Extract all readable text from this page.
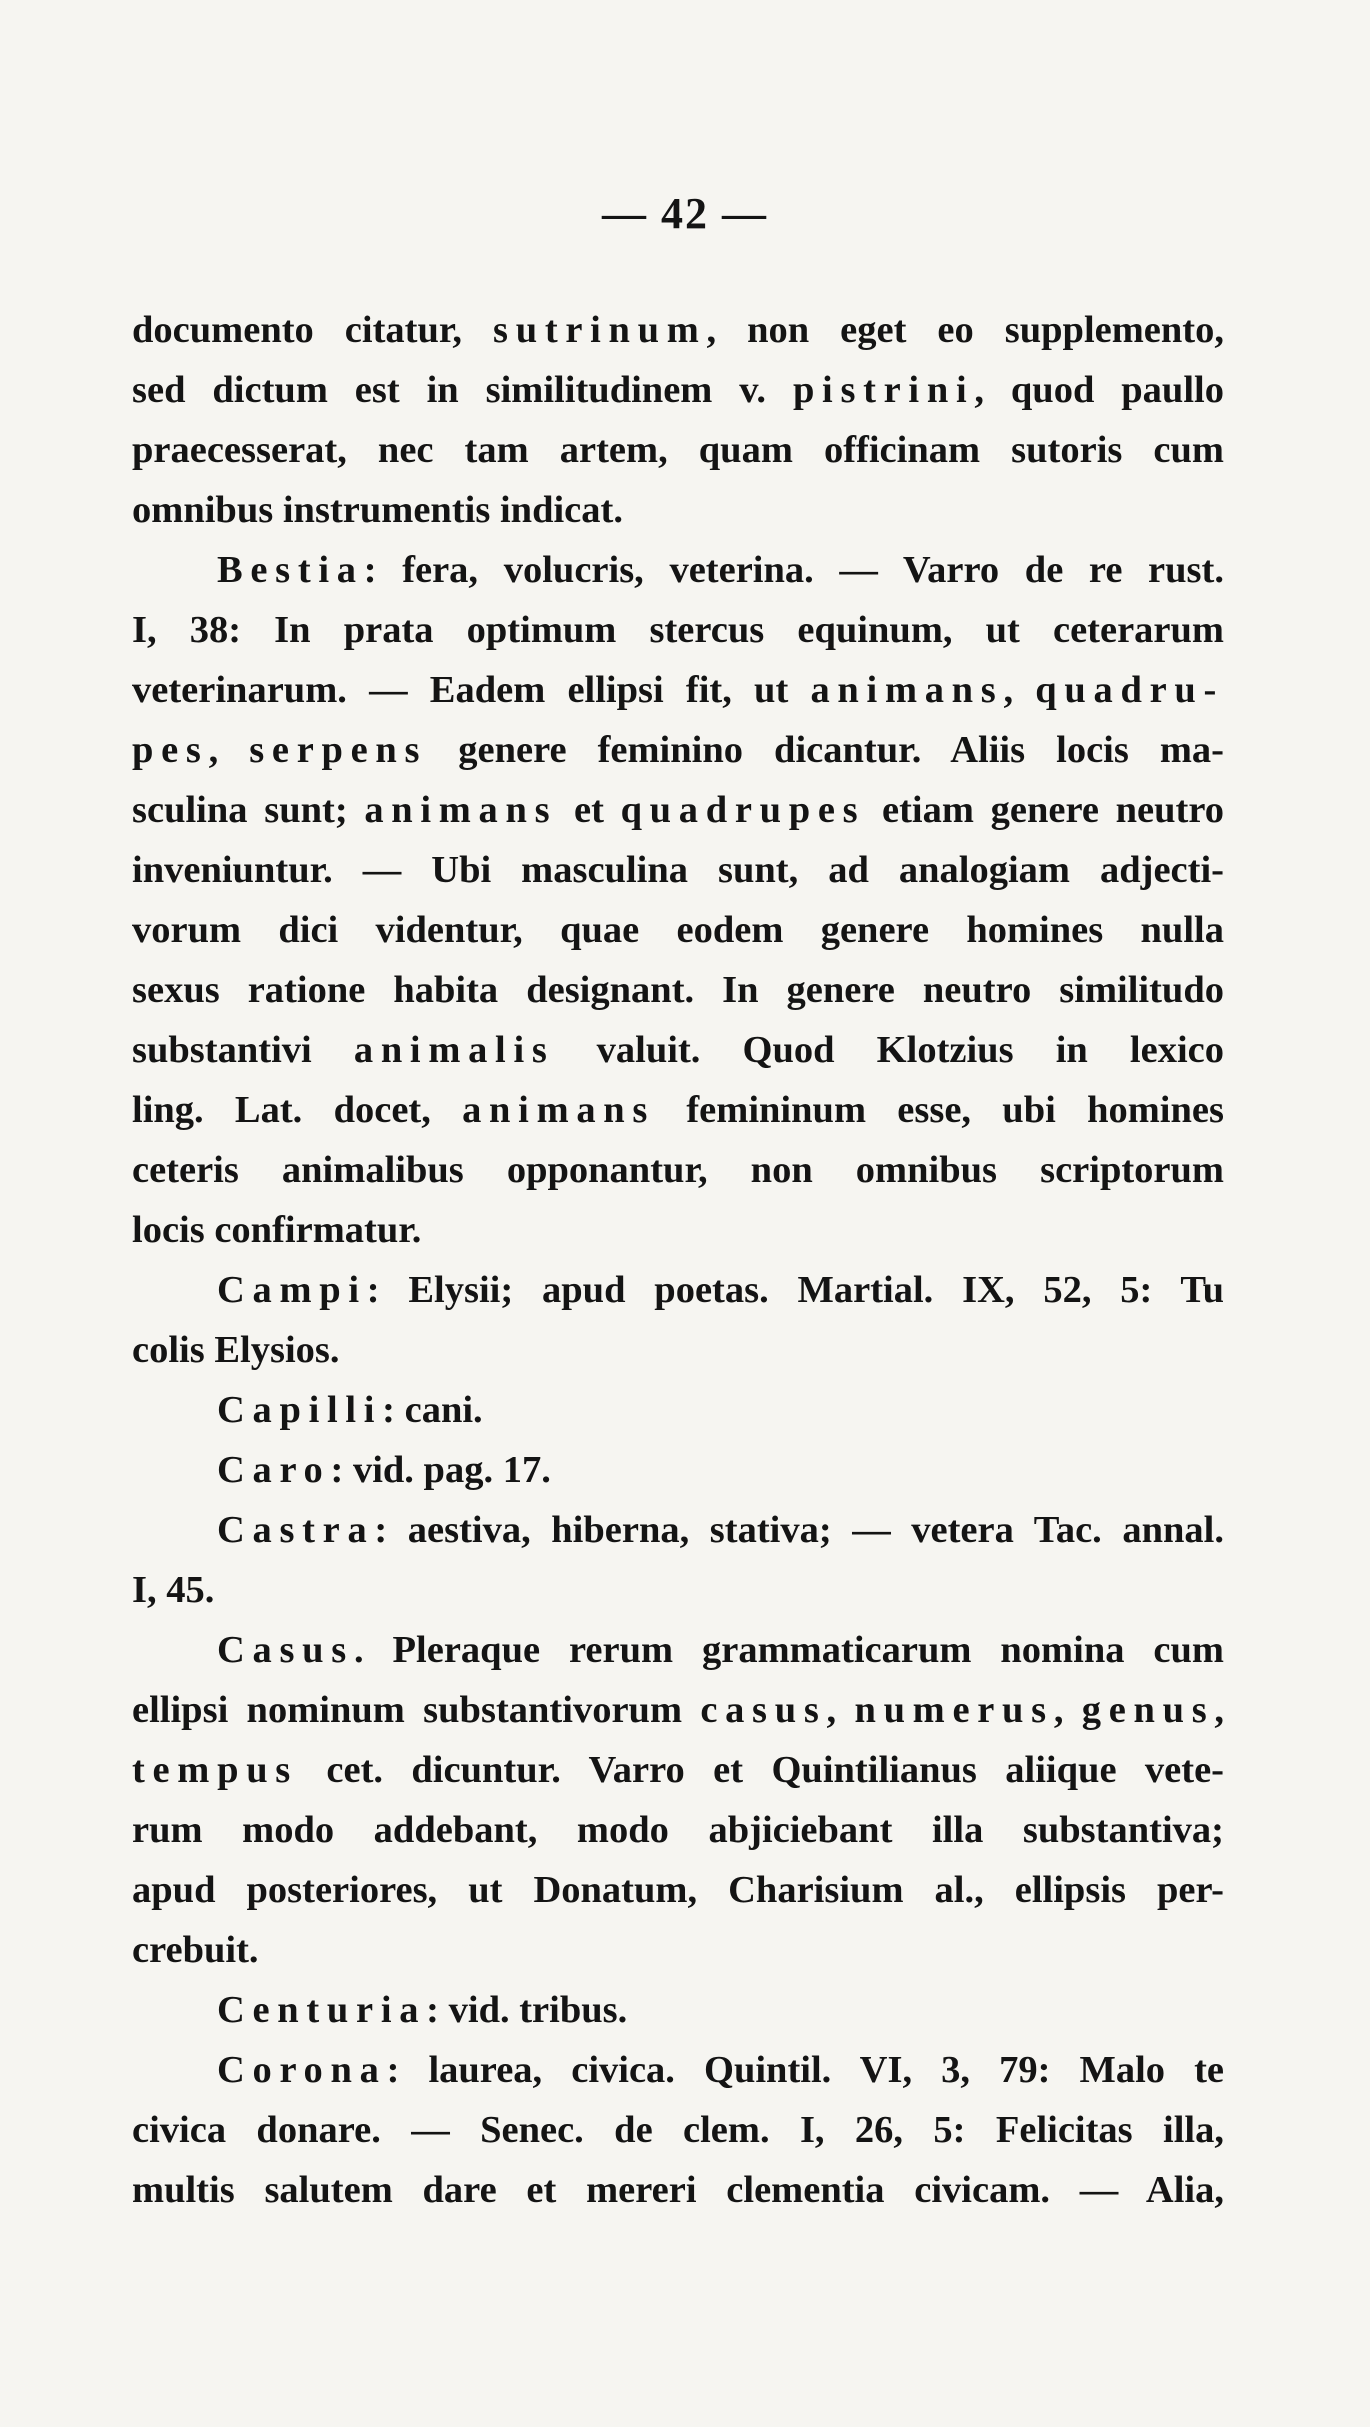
— 42 —
documento citatur, sutrinum, non eget eo supplemento,
sed dictum est in similitudinem v. pistrini, quod paullo
praecesserat, nec tam artem, quam officinam sutoris cum
omnibus instrumentis indicat.
Bestia: fera, volucris, veterina. — Varro de re rust.
I, 38: In prata optimum stercus equinum, ut ceterarum
veterinarum. — Eadem ellipsi fit, ut animans, quadru-
pes, serpens genere feminino dicantur. Aliis locis ma-
sculina sunt; animans et quadrupes etiam genere neutro
inveniuntur. — Ubi masculina sunt, ad analogiam adjecti-
vorum dici videntur, quae eodem genere homines nulla
sexus ratione habita designant. In genere neutro similitudo
substantivi animalis valuit. Quod Klotzius in lexico
ling. Lat. docet, animans femininum esse, ubi homines
ceteris animalibus opponantur, non omnibus scriptorum
locis confirmatur.
Campi: Elysii; apud poetas. Martial. IX, 52, 5: Tu
colis Elysios.
Capilli: cani.
Caro: vid. pag. 17.
Castra: aestiva, hiberna, stativa; — vetera Tac. annal.
I, 45.
Casus. Pleraque rerum grammaticarum nomina cum
ellipsi nominum substantivorum casus, numerus, genus,
tempus cet. dicuntur. Varro et Quintilianus aliique vete-
rum modo addebant, modo abjiciebant illa substantiva;
apud posteriores, ut Donatum, Charisium al., ellipsis per-
crebuit.
Centuria: vid. tribus.
Corona: laurea, civica. Quintil. VI, 3, 79: Malo te
civica donare. — Senec. de clem. I, 26, 5: Felicitas illa,
multis salutem dare et mereri clementia civicam. — Alia,
